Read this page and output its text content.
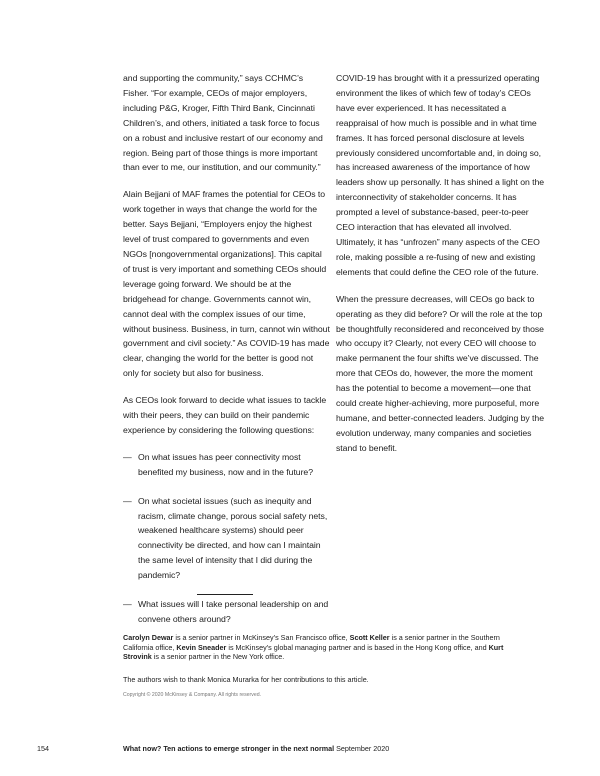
and supporting the community,” says CCHMC’s Fisher. “For example, CEOs of major employers, including P&G, Kroger, Fifth Third Bank, Cincinnati Children’s, and others, initiated a task force to focus on a robust and inclusive restart of our economy and region. Being part of those things is more important than ever to me, our institution, and our community.”

Alain Bejjani of MAF frames the potential for CEOs to work together in ways that change the world for the better. Says Bejjani, “Employers enjoy the highest level of trust compared to governments and even NGOs [nongovernmental organizations]. This capital of trust is very important and something CEOs should leverage going forward. We should be at the bridgehead for change. Governments cannot win, cannot deal with the complex issues of our time, without business. Business, in turn, cannot win without government and civil society.” As COVID-19 has made clear, changing the world for the better is good not only for society but also for business.

As CEOs look forward to decide what issues to tackle with their peers, they can build on their pandemic experience by considering the following questions:

— On what issues has peer connectivity most benefited my business, now and in the future?
— On what societal issues (such as inequity and racism, climate change, porous social safety nets, weakened healthcare systems) should peer connectivity be directed, and how can I maintain the same level of intensity that I did during the pandemic?
— What issues will I take personal leadership on and convene others around?

COVID-19 has brought with it a pressurized operating environment the likes of which few of today’s CEOs have ever experienced. It has necessitated a reappraisal of how much is possible and in what time frames. It has forced personal disclosure at levels previously considered uncomfortable and, in doing so, has increased awareness of the importance of how leaders show up personally. It has shined a light on the interconnectivity of stakeholder concerns. It has prompted a level of substance-based, peer-to-peer CEO interaction that has elevated all involved. Ultimately, it has “unfrozen” many aspects of the CEO role, making possible a re-fusing of new and existing elements that could define the CEO role of the future.

When the pressure decreases, will CEOs go back to operating as they did before? Or will the role at the top be thoughtfully reconsidered and reconceived by those who occupy it? Clearly, not every CEO will choose to make permanent the four shifts we’ve discussed. The more that CEOs do, however, the more the moment has the potential to become a movement—one that could create higher-achieving, more purposeful, more humane, and better-connected leaders. Judging by the evolution underway, many companies and societies stand to benefit.

Carolyn Dewar is a senior partner in McKinsey’s San Francisco office, Scott Keller is a senior partner in the Southern California office, Kevin Sneader is McKinsey’s global managing partner and is based in the Hong Kong office, and Kurt Strovink is a senior partner in the New York office.

The authors wish to thank Monica Murarka for her contributions to this article.

Copyright © 2020 McKinsey & Company. All rights reserved.
154	What now? Ten actions to emerge stronger in the next normal September 2020
